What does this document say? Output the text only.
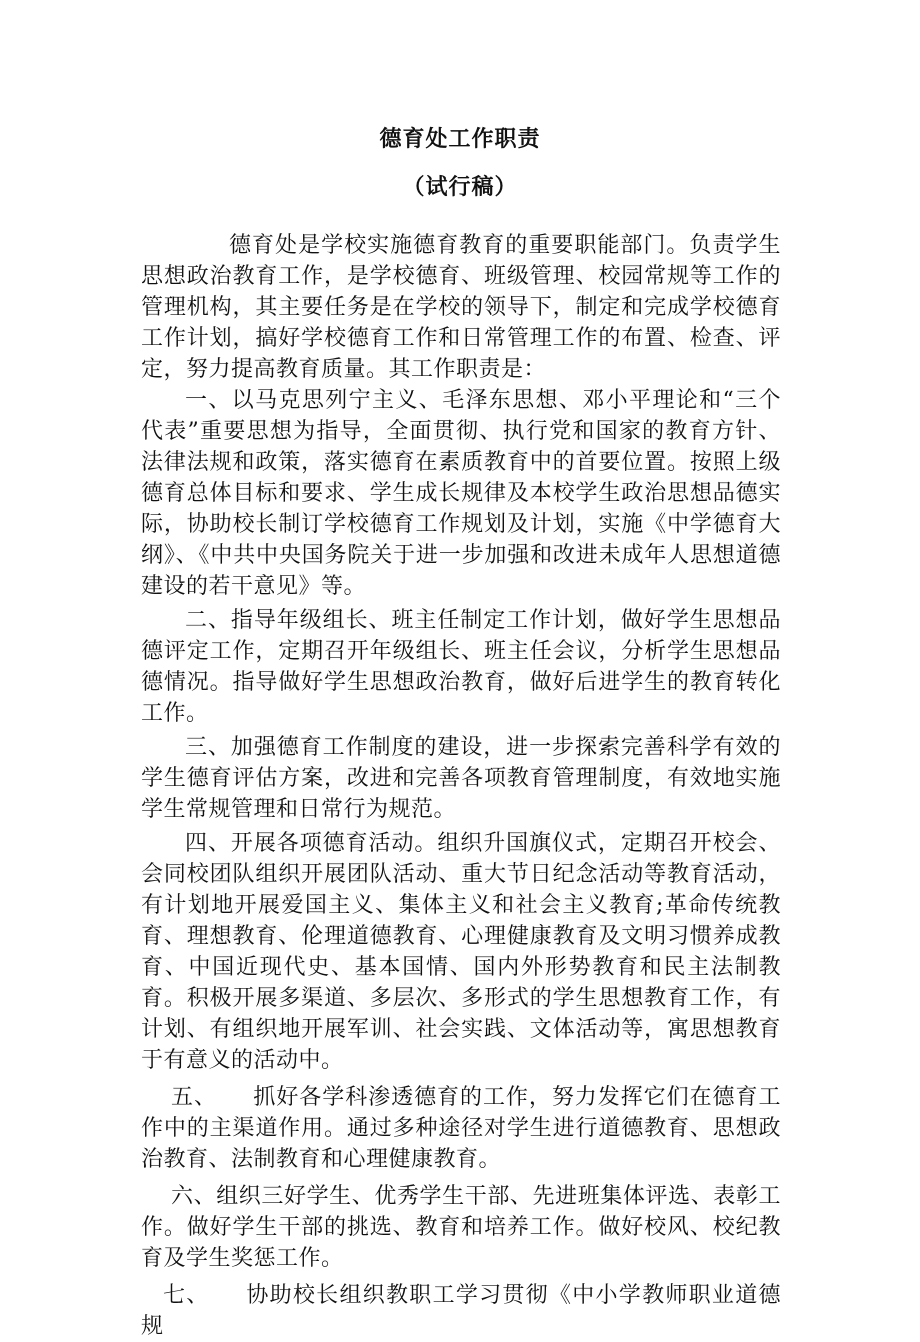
德育处工作职责
（试行稿）

德育处是学校实施德育教育的重要职能部门。负责学生思想政治教育工作，是学校德育、班级管理、校园常规等工作的管理机构，其主要任务是在学校的领导下，制定和完成学校德育工作计划，搞好学校德育工作和日常管理工作的布置、检查、评定，努力提高教育质量。其工作职责是：

一、以马克思列宁主义、毛泽东思想、邓小平理论和“三个代表”重要思想为指导，全面贯彻、执行党和国家的教育方针、法律法规和政策，落实德育在素质教育中的首要位置。按照上级德育总体目标和要求、学生成长规律及本校学生政治思想品德实际，协助校长制订学校德育工作规划及计划，实施《中学德育大纲》、《中共中央国务院关于进一步加强和改进未成年人思想道德建设的若干意见》等。

二、指导年级组长、班主任制定工作计划，做好学生思想品德评定工作，定期召开年级组长、班主任会议，分析学生思想品德情况。指导做好学生思想政治教育，做好后进学生的教育转化工作。

三、加强德育工作制度的建设，进一步探索完善科学有效的学生德育评估方案，改进和完善各项教育管理制度，有效地实施学生常规管理和日常行为规范。

四、开展各项德育活动。组织升国旗仪式，定期召开校会、会同校团队组织开展团队活动、重大节日纪念活动等教育活动，有计划地开展爱国主义、集体主义和社会主义教育;革命传统教育、理想教育、伦理道德教育、心理健康教育及文明习惯养成教育、中国近现代史、基本国情、国内外形势教育和民主法制教育。积极开展多渠道、多层次、多形式的学生思想教育工作，有计划、有组织地开展军训、社会实践、文体活动等，寓思想教育于有意义的活动中。

五、 抓好各学科渗透德育的工作，努力发挥它们在德育工作中的主渠道作用。通过多种途径对学生进行道德教育、思想政治教育、法制教育和心理健康教育。

六、组织三好学生、优秀学生干部、先进班集体评选、表彰工作。做好学生干部的挑选、教育和培养工作。做好校风、校纪教育及学生奖惩工作。

七、 协助校长组织教职工学习贯彻《中小学教师职业道德规
